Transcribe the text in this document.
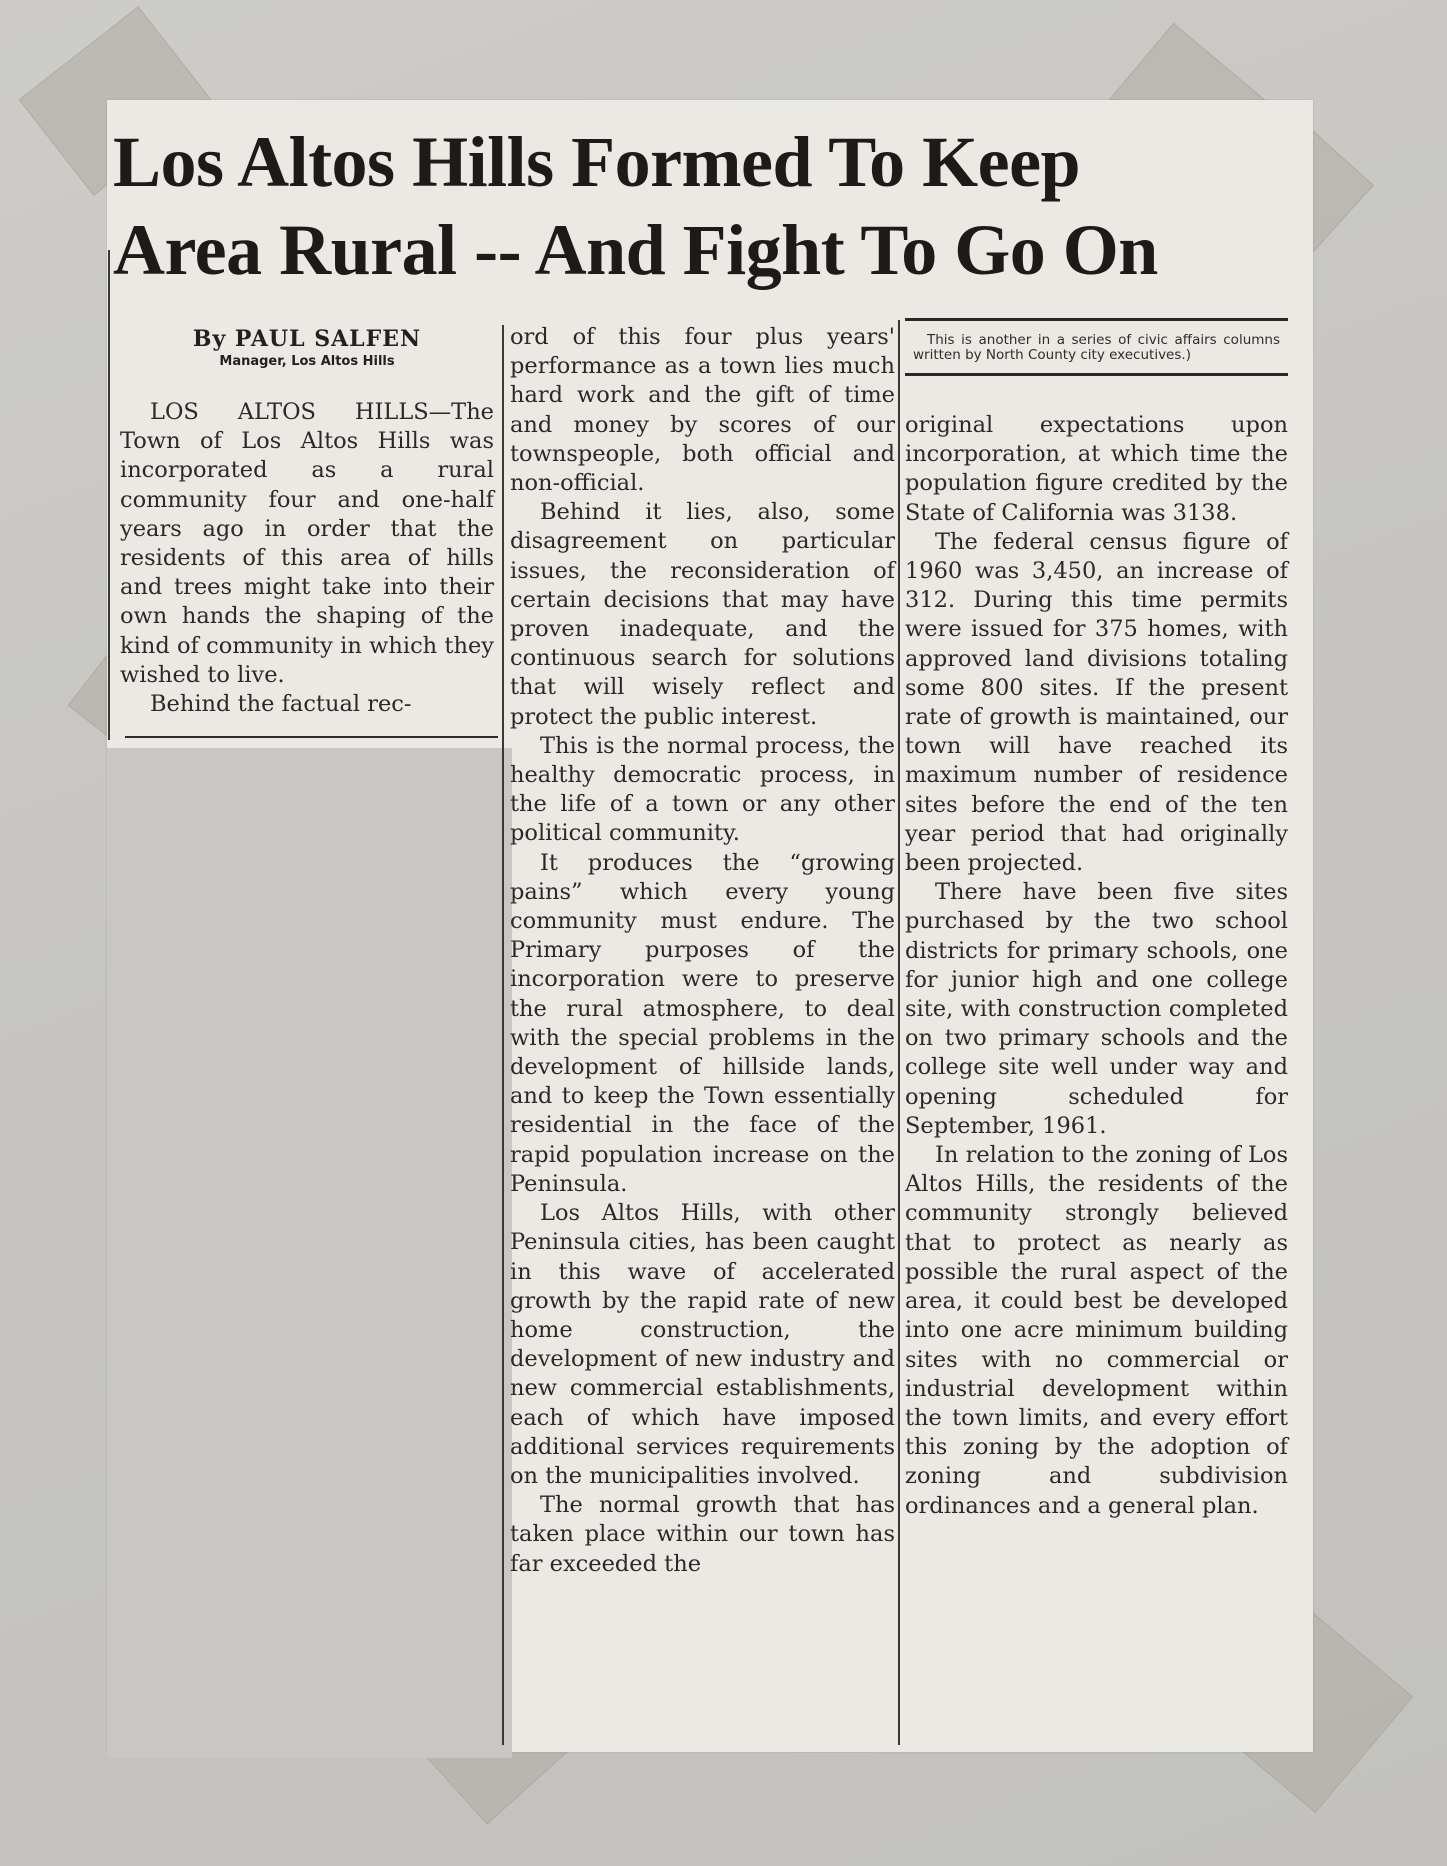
Los Altos Hills Formed To Keep
Area Rural -- And Fight To Go On
By PAUL SALFEN
Manager, Los Altos Hills

LOS ALTOS HILLS—The Town of Los Altos Hills was incorporated as a rural community four and one-half years ago in order that the residents of this area of hills and trees might take into their own hands the shaping of the kind of community in which they wished to live.

Behind the factual rec-

ord of this four plus years' performance as a town lies much hard work and the gift of time and money by scores of our townspeople, both official and non-official.

Behind it lies, also, some disagreement on particular issues, the reconsideration of certain decisions that may have proven inadequate, and the continuous search for solutions that will wisely reflect and protect the public interest.

This is the normal process, the healthy democratic process, in the life of a town or any other political community.

It produces the “growing pains” which every young community must endure. The Primary purposes of the incorporation were to preserve the rural atmosphere, to deal with the special problems in the development of hillside lands, and to keep the Town essentially residential in the face of the rapid population increase on the Peninsula.

Los Altos Hills, with other Peninsula cities, has been caught in this wave of accelerated growth by the rapid rate of new home construction, the development of new industry and new commercial establishments, each of which have imposed additional services requirements on the municipalities involved.

The normal growth that has taken place within our town has far exceeded the

This is another in a series of civic affairs columns written by North County city executives.)

original expectations upon incorporation, at which time the population figure credited by the State of California was 3138.

The federal census figure of 1960 was 3,450, an increase of 312. During this time permits were issued for 375 homes, with approved land divisions totaling some 800 sites. If the present rate of growth is maintained, our town will have reached its maximum number of residence sites before the end of the ten year period that had originally been projected.

There have been five sites purchased by the two school districts for primary schools, one for junior high and one college site, with construction completed on two primary schools and the college site well under way and opening scheduled for September, 1961.

In relation to the zoning of Los Altos Hills, the residents of the community strongly believed that to protect as nearly as possible the rural aspect of the area, it could best be developed into one acre minimum building sites with no commercial or industrial development within the town limits, and every effort this zoning by the adoption of zoning and subdivision ordinances and a general plan.
